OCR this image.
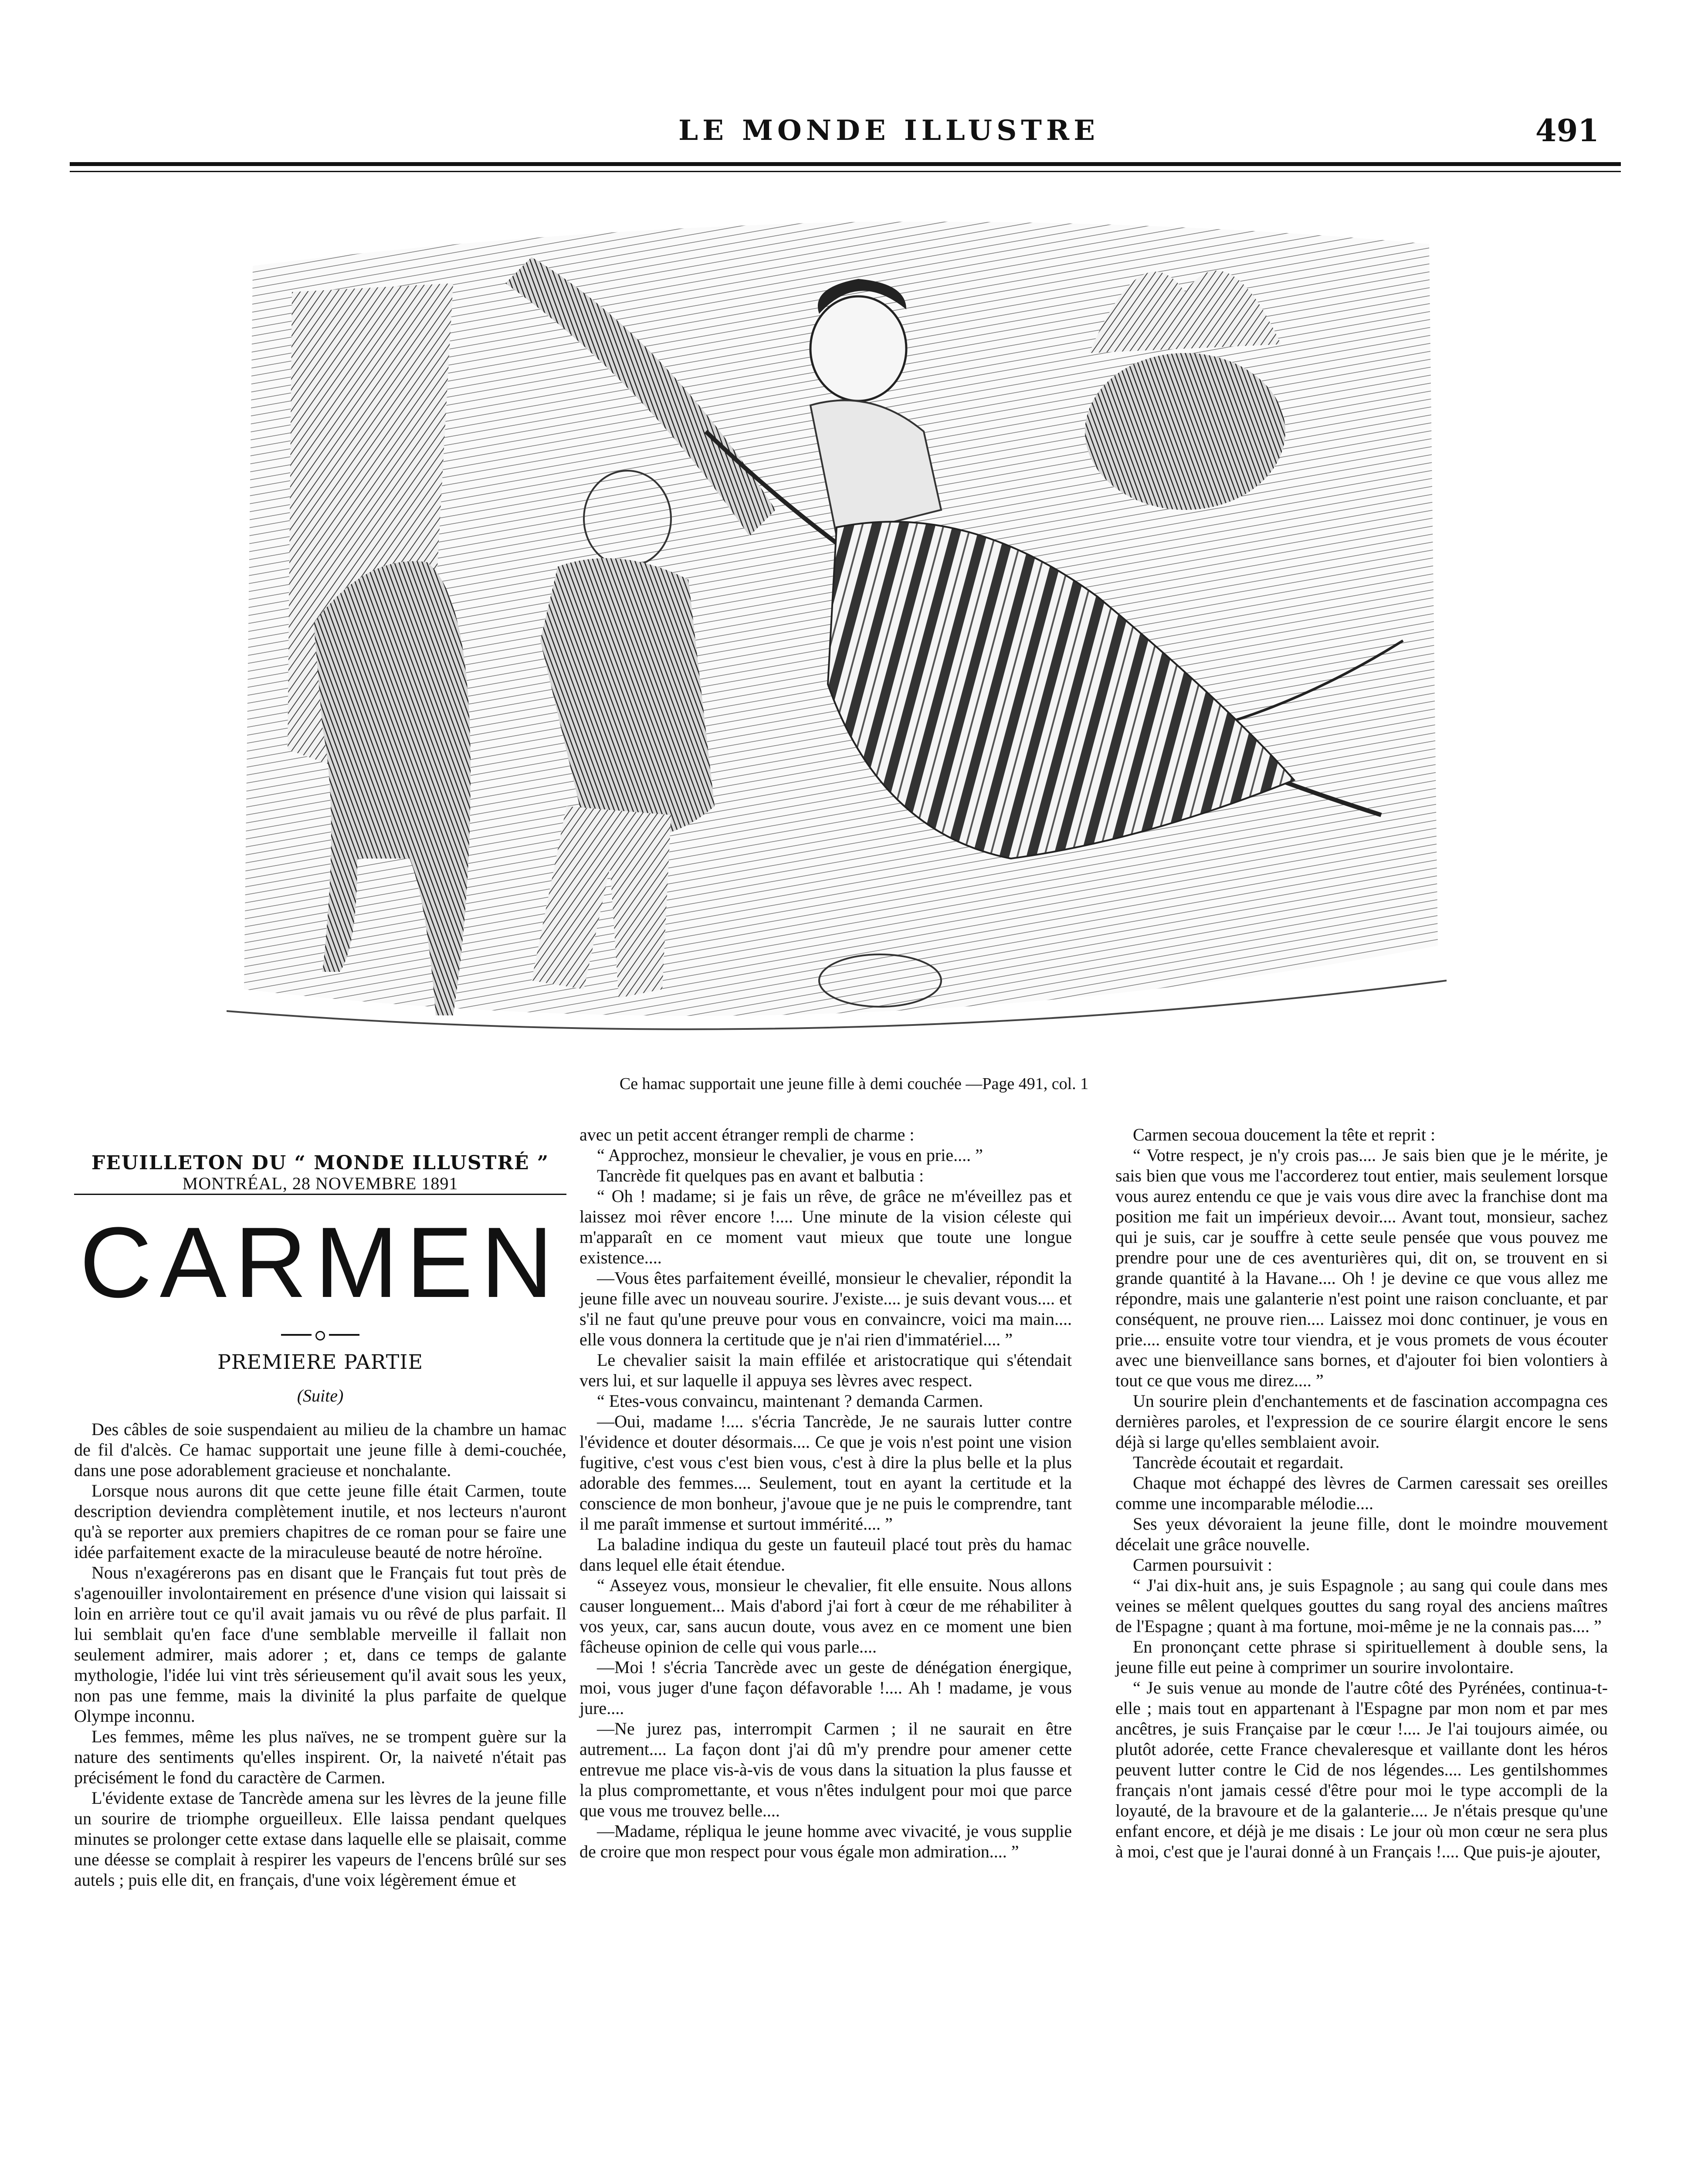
LE MONDE ILLUSTRE	491
Ce hamac supportait une jeune fille à demi couchée —Page 491, col. 1

FEUILLETON DU “ MONDE ILLUSTRÉ ”

MONTRÉAL, 28 NOVEMBRE 1891

CARMEN
PREMIERE PARTIE
(Suite)

Des câbles de soie suspendaient au milieu de la chambre un hamac de fil d'alcès. Ce hamac supportait une jeune fille à demi-couchée, dans une pose adorablement gracieuse et nonchalante.

Lorsque nous aurons dit que cette jeune fille était Carmen, toute description deviendra complètement inutile, et nos lecteurs n'auront qu'à se reporter aux premiers chapitres de ce roman pour se faire une idée parfaitement exacte de la miraculeuse beauté de notre héroïne.

Nous n'exagérerons pas en disant que le Français fut tout près de s'agenouiller involontairement en présence d'une vision qui laissait si loin en arrière tout ce qu'il avait jamais vu ou rêvé de plus parfait. Il lui semblait qu'en face d'une semblable merveille il fallait non seulement admirer, mais adorer ; et, dans ce temps de galante mythologie, l'idée lui vint très sérieusement qu'il avait sous les yeux, non pas une femme, mais la divinité la plus parfaite de quelque Olympe inconnu.

Les femmes, même les plus naïves, ne se trompent guère sur la nature des sentiments qu'elles inspirent. Or, la naiveté n'était pas précisément le fond du caractère de Carmen.

L'évidente extase de Tancrède amena sur les lèvres de la jeune fille un sourire de triomphe orgueilleux. Elle laissa pendant quelques minutes se prolonger cette extase dans laquelle elle se plaisait, comme une déesse se complait à respirer les vapeurs de l'encens brûlé sur ses autels ; puis elle dit, en français, d'une voix légèrement émue et

avec un petit accent étranger rempli de charme :

“ Approchez, monsieur le chevalier, je vous en prie.... ”

Tancrède fit quelques pas en avant et balbutia :

“ Oh ! madame; si je fais un rêve, de grâce ne m'éveillez pas et laissez moi rêver encore !.... Une minute de la vision céleste qui m'apparaît en ce moment vaut mieux que toute une longue existence....

—Vous êtes parfaitement éveillé, monsieur le chevalier, répondit la jeune fille avec un nouveau sourire. J'existe.... je suis devant vous.... et s'il ne faut qu'une preuve pour vous en convaincre, voici ma main.... elle vous donnera la certitude que je n'ai rien d'immatériel.... ”

Le chevalier saisit la main effilée et aristocratique qui s'étendait vers lui, et sur laquelle il appuya ses lèvres avec respect.

“ Etes-vous convaincu, maintenant ? demanda Carmen.

—Oui, madame !.... s'écria Tancrède, Je ne saurais lutter contre l'évidence et douter désormais.... Ce que je vois n'est point une vision fugitive, c'est vous c'est bien vous, c'est à dire la plus belle et la plus adorable des femmes.... Seulement, tout en ayant la certitude et la conscience de mon bonheur, j'avoue que je ne puis le comprendre, tant il me paraît immense et surtout immérité.... ”

La baladine indiqua du geste un fauteuil placé tout près du hamac dans lequel elle était étendue.

“ Asseyez vous, monsieur le chevalier, fit elle ensuite. Nous allons causer longuement... Mais d'abord j'ai fort à cœur de me réhabiliter à vos yeux, car, sans aucun doute, vous avez en ce moment une bien fâcheuse opinion de celle qui vous parle....

—Moi ! s'écria Tancrède avec un geste de dénégation énergique, moi, vous juger d'une façon défavorable !.... Ah ! madame, je vous jure....

—Ne jurez pas, interrompit Carmen ; il ne saurait en être autrement.... La façon dont j'ai dû m'y prendre pour amener cette entrevue me place vis-à-vis de vous dans la situation la plus fausse et la plus compromettante, et vous n'êtes indulgent pour moi que parce que vous me trouvez belle....

—Madame, répliqua le jeune homme avec vivacité, je vous supplie de croire que mon respect pour vous égale mon admiration.... ”

Carmen secoua doucement la tête et reprit :

“ Votre respect, je n'y crois pas.... Je sais bien que je le mérite, je sais bien que vous me l'accorderez tout entier, mais seulement lorsque vous aurez entendu ce que je vais vous dire avec la franchise dont ma position me fait un impérieux devoir.... Avant tout, monsieur, sachez qui je suis, car je souffre à cette seule pensée que vous pouvez me prendre pour une de ces aventurières qui, dit on, se trouvent en si grande quantité à la Havane.... Oh ! je devine ce que vous allez me répondre, mais une galanterie n'est point une raison concluante, et par conséquent, ne prouve rien.... Laissez moi donc continuer, je vous en prie.... ensuite votre tour viendra, et je vous promets de vous écouter avec une bienveillance sans bornes, et d'ajouter foi bien volontiers à tout ce que vous me direz.... ”

Un sourire plein d'enchantements et de fascination accompagna ces dernières paroles, et l'expression de ce sourire élargit encore le sens déjà si large qu'elles semblaient avoir.

Tancrède écoutait et regardait.

Chaque mot échappé des lèvres de Carmen caressait ses oreilles comme une incomparable mélodie....

Ses yeux dévoraient la jeune fille, dont le moindre mouvement décelait une grâce nouvelle.

Carmen poursuivit :

“ J'ai dix-huit ans, je suis Espagnole ; au sang qui coule dans mes veines se mêlent quelques gouttes du sang royal des anciens maîtres de l'Espagne ; quant à ma fortune, moi-même je ne la connais pas.... ”

En prononçant cette phrase si spirituellement à double sens, la jeune fille eut peine à comprimer un sourire involontaire.

“ Je suis venue au monde de l'autre côté des Pyrénées, continua-t-elle ; mais tout en appartenant à l'Espagne par mon nom et par mes ancêtres, je suis Française par le cœur !.... Je l'ai toujours aimée, ou plutôt adorée, cette France chevaleresque et vaillante dont les héros peuvent lutter contre le Cid de nos légendes.... Les gentilshommes français n'ont jamais cessé d'être pour moi le type accompli de la loyauté, de la bravoure et de la galanterie.... Je n'étais presque qu'une enfant encore, et déjà je me disais : Le jour où mon cœur ne sera plus à moi, c'est que je l'aurai donné à un Français !.... Que puis-je ajouter,
